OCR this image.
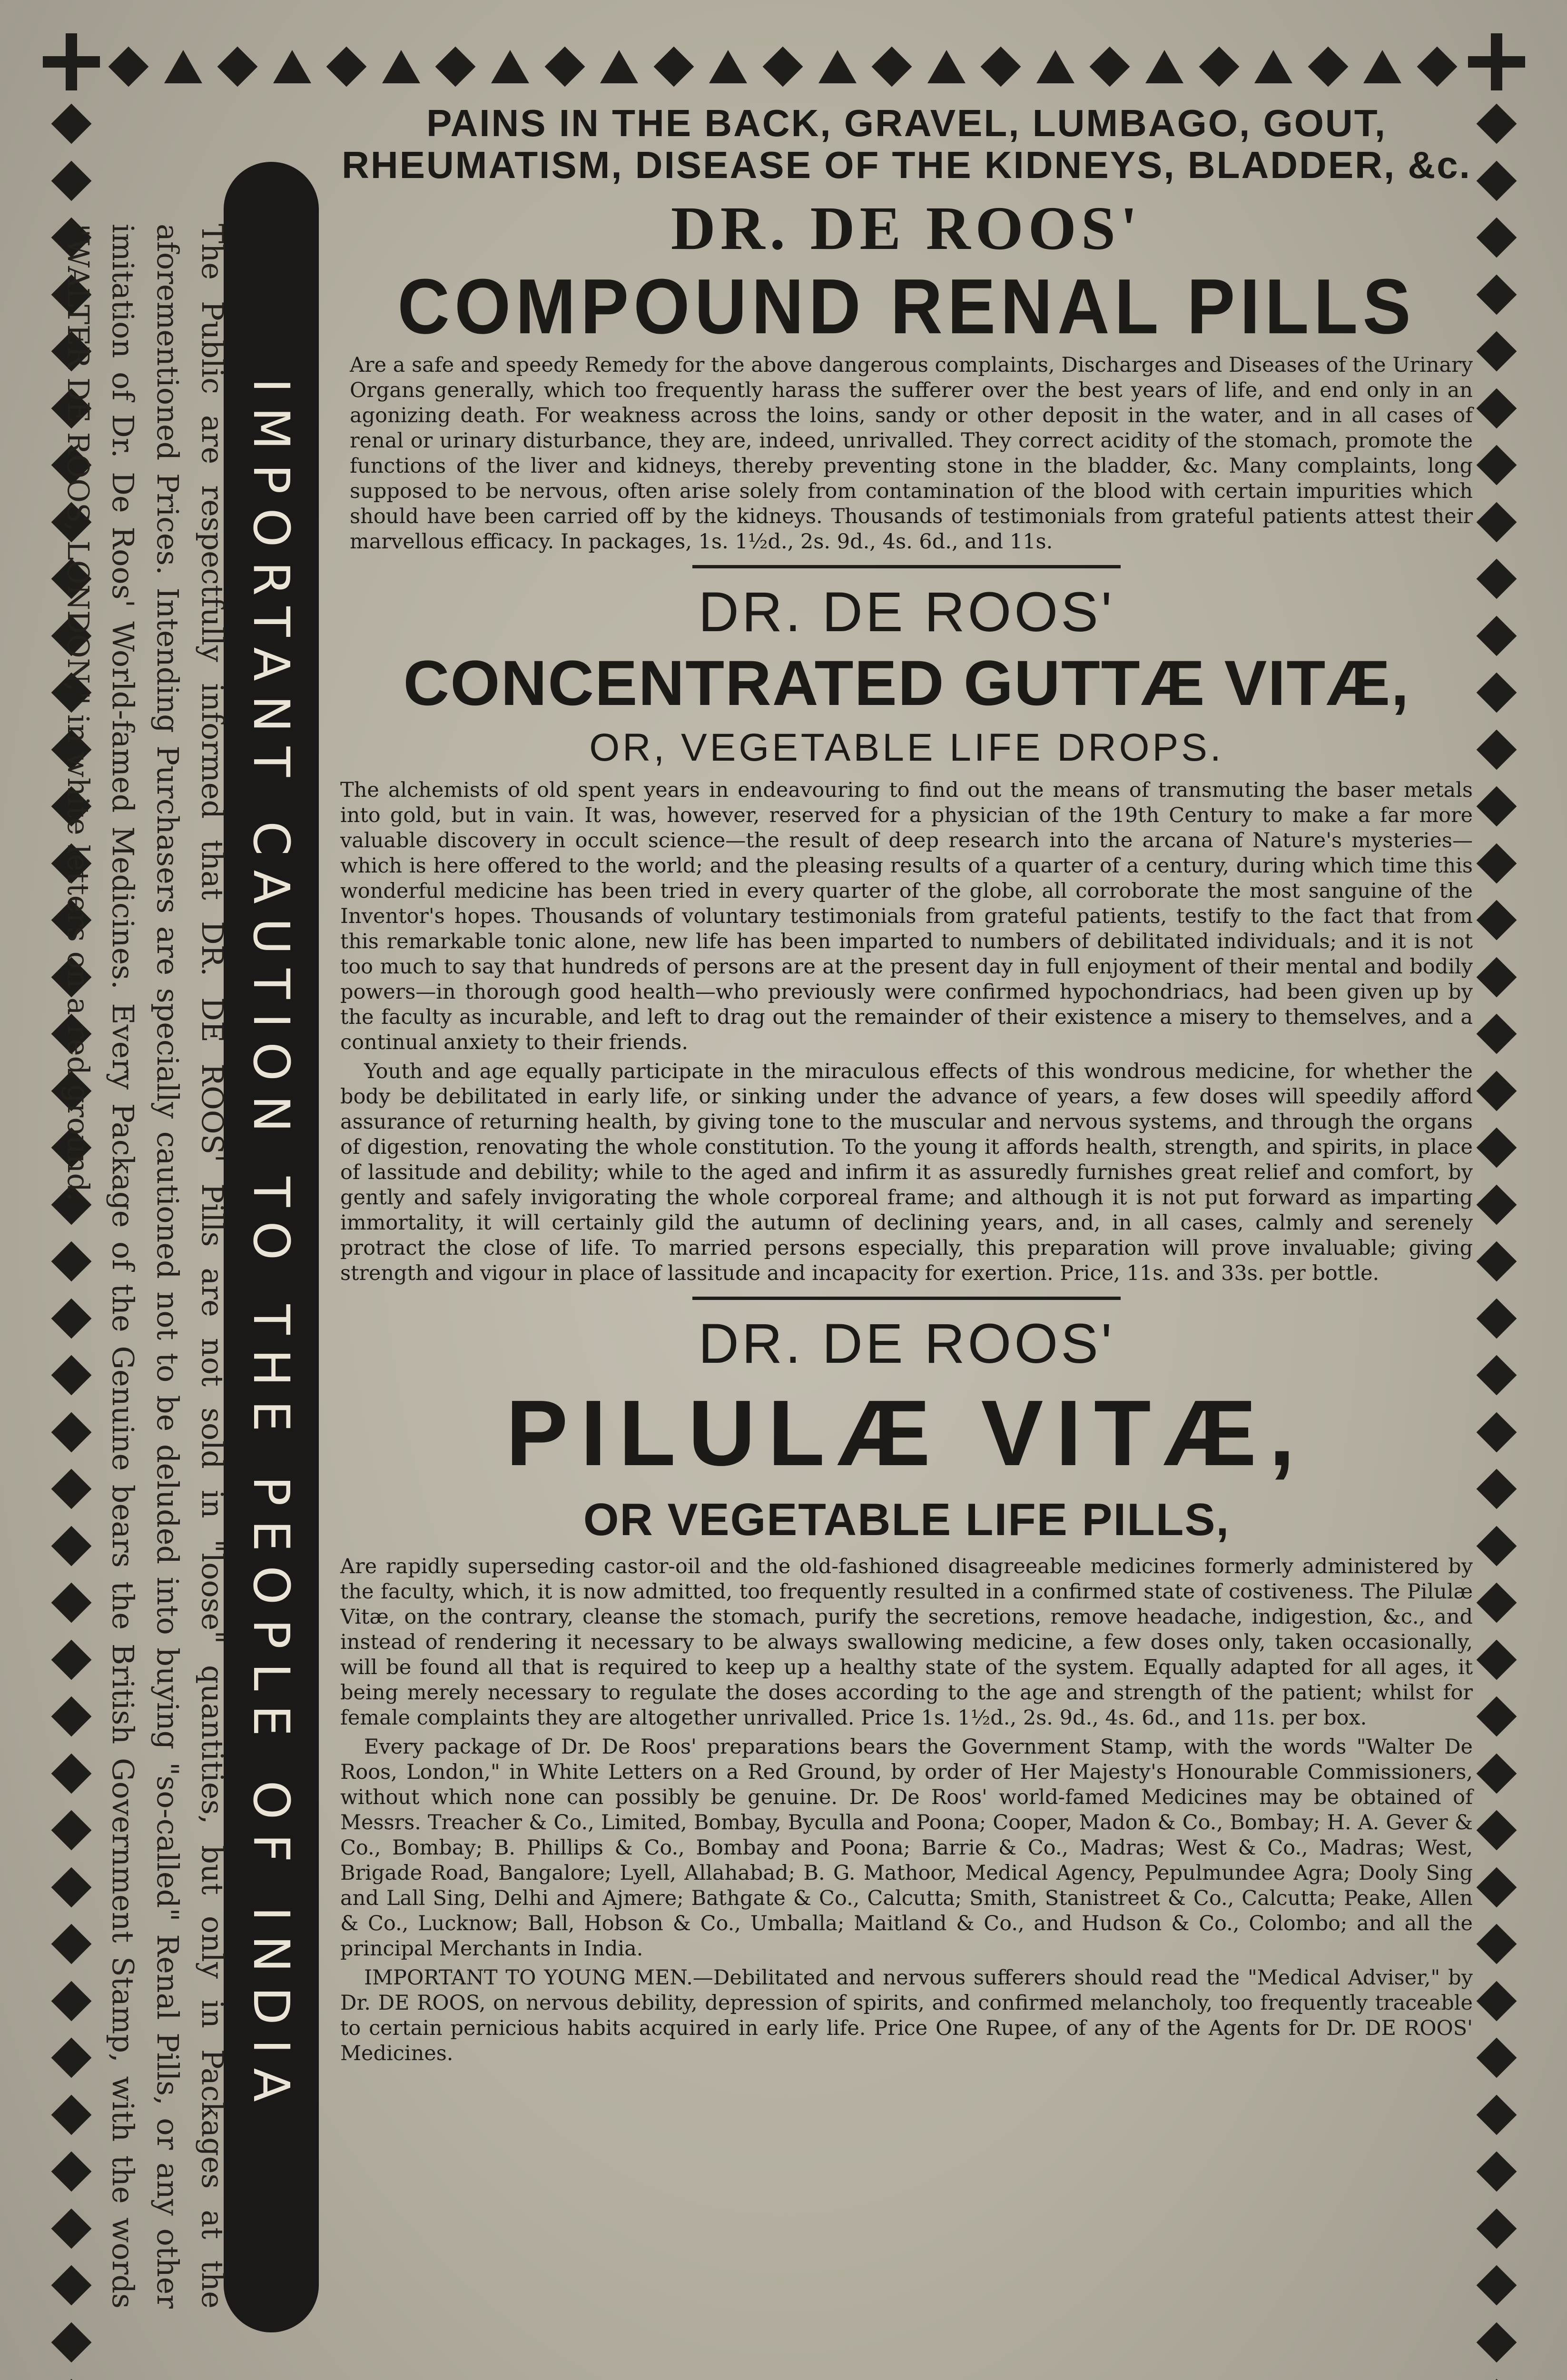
IMPORTANT CAUTION TO THE PEOPLE OF INDIA
The Public are respectfully informed that DR. DE ROOS' Pills are not sold in "loose" quantities, but only in Packages at the aforementioned Prices. Intending Purchasers are specially cautioned not to be deluded into buying "so-called" Renal Pills, or any other imitation of Dr. De Roos' World-famed Medicines. Every Package of the Genuine bears the British Government Stamp, with the words "WALTER DE ROOS, LONDON," in white letters on a red ground.
PAINS IN THE BACK, GRAVEL, LUMBAGO, GOUT, RHEUMATISM, DISEASE OF THE KIDNEYS, BLADDER, &c.
DR. DE ROOS'
COMPOUND RENAL PILLS

Are a safe and speedy Remedy for the above dangerous complaints, Discharges and Diseases of the Urinary Organs generally, which too frequently harass the sufferer over the best years of life, and end only in an agonizing death. For weakness across the loins, sandy or other deposit in the water, and in all cases of renal or urinary disturbance, they are, indeed, unrivalled. They correct acidity of the stomach, promote the functions of the liver and kidneys, thereby preventing stone in the bladder, &c. Many complaints, long supposed to be nervous, often arise solely from contamination of the blood with certain impurities which should have been carried off by the kidneys. Thousands of testimonials from grateful patients attest their marvellous efficacy. In packages, 1s. 1½d., 2s. 9d., 4s. 6d., and 11s.

DR. DE ROOS'
CONCENTRATED GUTTÆ VITÆ,
OR, VEGETABLE LIFE DROPS.

The alchemists of old spent years in endeavouring to find out the means of transmuting the baser metals into gold, but in vain. It was, however, reserved for a physician of the 19th Century to make a far more valuable discovery in occult science—the result of deep research into the arcana of Nature's mysteries—which is here offered to the world; and the pleasing results of a quarter of a century, during which time this wonderful medicine has been tried in every quarter of the globe, all corroborate the most sanguine of the Inventor's hopes. Thousands of voluntary testimonials from grateful patients, testify to the fact that from this remarkable tonic alone, new life has been imparted to numbers of debilitated individuals; and it is not too much to say that hundreds of persons are at the present day in full enjoyment of their mental and bodily powers—in thorough good health—who previously were confirmed hypochondriacs, had been given up by the faculty as incurable, and left to drag out the remainder of their existence a misery to themselves, and a continual anxiety to their friends.

Youth and age equally participate in the miraculous effects of this wondrous medicine, for whether the body be debilitated in early life, or sinking under the advance of years, a few doses will speedily afford assurance of returning health, by giving tone to the muscular and nervous systems, and through the organs of digestion, renovating the whole constitution. To the young it affords health, strength, and spirits, in place of lassitude and debility; while to the aged and infirm it as assuredly furnishes great relief and comfort, by gently and safely invigorating the whole corporeal frame; and although it is not put forward as imparting immortality, it will certainly gild the autumn of declining years, and, in all cases, calmly and serenely protract the close of life. To married persons especially, this preparation will prove invaluable; giving strength and vigour in place of lassitude and incapacity for exertion. Price, 11s. and 33s. per bottle.

DR. DE ROOS'
PILULÆ VITÆ,
OR VEGETABLE LIFE PILLS,

Are rapidly superseding castor-oil and the old-fashioned disagreeable medicines formerly administered by the faculty, which, it is now admitted, too frequently resulted in a confirmed state of costiveness. The Pilulæ Vitæ, on the contrary, cleanse the stomach, purify the secretions, remove headache, indigestion, &c., and instead of rendering it necessary to be always swallowing medicine, a few doses only, taken occasionally, will be found all that is required to keep up a healthy state of the system. Equally adapted for all ages, it being merely necessary to regulate the doses according to the age and strength of the patient; whilst for female complaints they are altogether unrivalled. Price 1s. 1½d., 2s. 9d., 4s. 6d., and 11s. per box.

Every package of Dr. De Roos' preparations bears the Government Stamp, with the words "Walter De Roos, London," in White Letters on a Red Ground, by order of Her Majesty's Honourable Commissioners, without which none can possibly be genuine. Dr. De Roos' world-famed Medicines may be obtained of Messrs. Treacher & Co., Limited, Bombay, Byculla and Poona; Cooper, Madon & Co., Bombay; H. A. Gever & Co., Bombay; B. Phillips & Co., Bombay and Poona; Barrie & Co., Madras; West & Co., Madras; West, Brigade Road, Bangalore; Lyell, Allahabad; B. G. Mathoor, Medical Agency, Pepulmundee Agra; Dooly Sing and Lall Sing, Delhi and Ajmere; Bathgate & Co., Calcutta; Smith, Stanistreet & Co., Calcutta; Peake, Allen & Co., Lucknow; Ball, Hobson & Co., Umballa; Maitland & Co., and Hudson & Co., Colombo; and all the principal Merchants in India.

IMPORTANT TO YOUNG MEN.—Debilitated and nervous sufferers should read the "Medical Adviser," by Dr. DE ROOS, on nervous debility, depression of spirits, and confirmed melancholy, too frequently traceable to certain pernicious habits acquired in early life. Price One Rupee, of any of the Agents for Dr. DE ROOS' Medicines.
